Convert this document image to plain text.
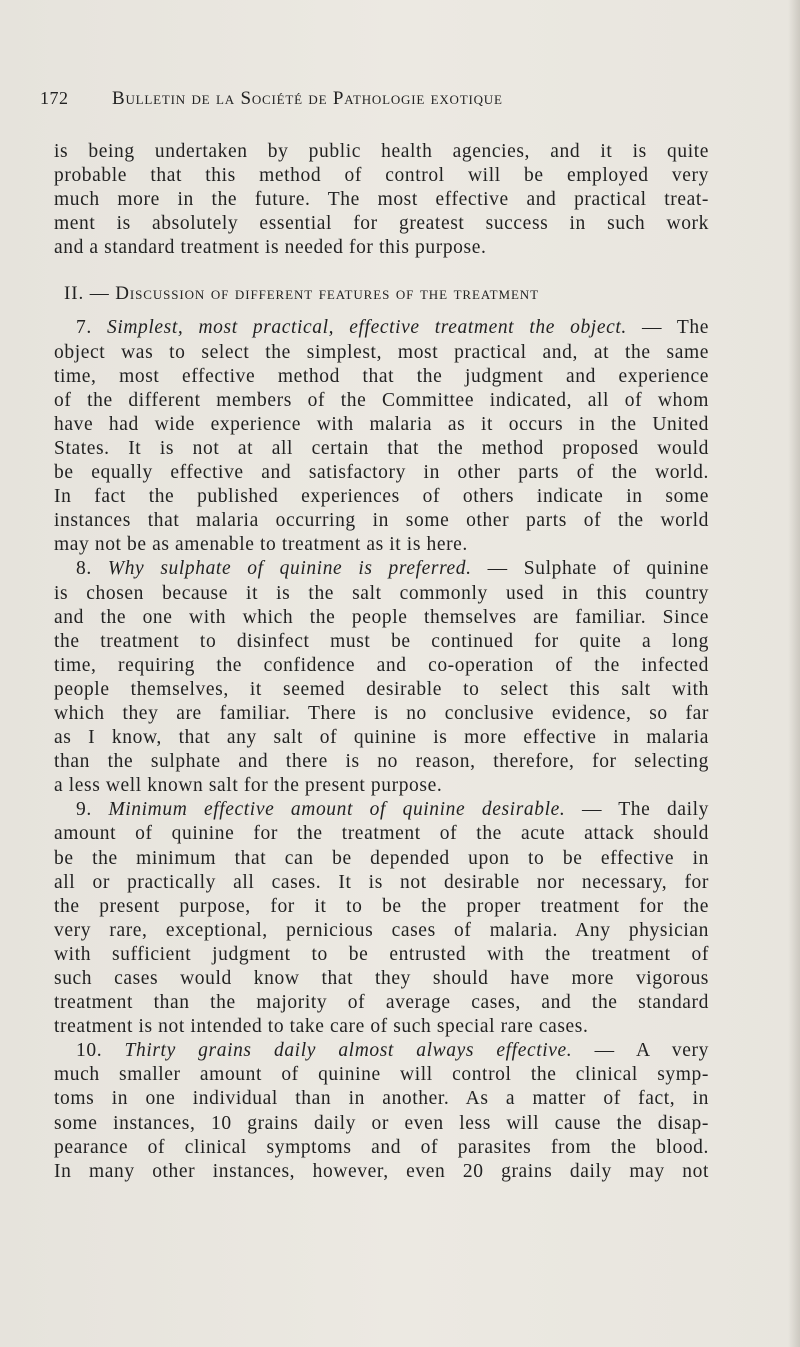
172 Bulletin de la Société de Pathologie exotique
is being undertaken by public health agencies, and it is quite
probable that this method of control will be employed very
much more in the future. The most effective and practical treat-
ment is absolutely essential for greatest success in such work
and a standard treatment is needed for this purpose.
II. — Discussion of different features of the treatment
7. Simplest, most practical, effective treatment the object. — The
object was to select the simplest, most practical and, at the same
time, most effective method that the judgment and experience
of the different members of the Committee indicated, all of whom
have had wide experience with malaria as it occurs in the United
States. It is not at all certain that the method proposed would
be equally effective and satisfactory in other parts of the world.
In fact the published experiences of others indicate in some
instances that malaria occurring in some other parts of the world
may not be as amenable to treatment as it is here.
8. Why sulphate of quinine is preferred. — Sulphate of quinine
is chosen because it is the salt commonly used in this country
and the one with which the people themselves are familiar. Since
the treatment to disinfect must be continued for quite a long
time, requiring the confidence and co-operation of the infected
people themselves, it seemed desirable to select this salt with
which they are familiar. There is no conclusive evidence, so far
as I know, that any salt of quinine is more effective in malaria
than the sulphate and there is no reason, therefore, for selecting
a less well known salt for the present purpose.
9. Minimum effective amount of quinine desirable. — The daily
amount of quinine for the treatment of the acute attack should
be the minimum that can be depended upon to be effective in
all or practically all cases. It is not desirable nor necessary, for
the present purpose, for it to be the proper treatment for the
very rare, exceptional, pernicious cases of malaria. Any physician
with sufficient judgment to be entrusted with the treatment of
such cases would know that they should have more vigorous
treatment than the majority of average cases, and the standard
treatment is not intended to take care of such special rare cases.
10. Thirty grains daily almost always effective. — A very
much smaller amount of quinine will control the clinical symp-
toms in one individual than in another. As a matter of fact, in
some instances, 10 grains daily or even less will cause the disap-
pearance of clinical symptoms and of parasites from the blood.
In many other instances, however, even 20 grains daily may not
